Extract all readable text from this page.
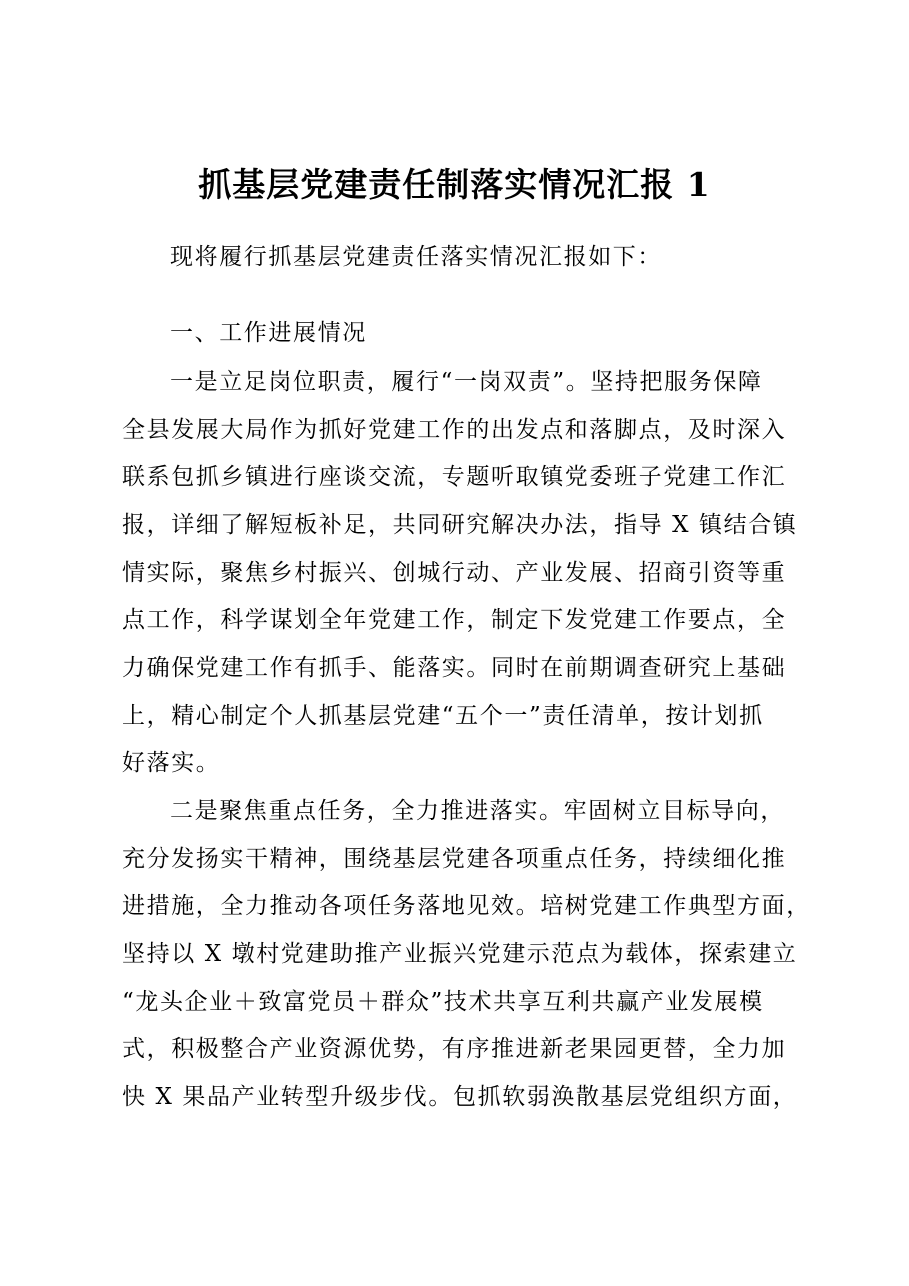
抓基层党建责任制落实情况汇报 1
现将履行抓基层党建责任落实情况汇报如下：
一、工作进展情况
一是立足岗位职责，履行“一岗双责”。坚持把服务保障
全县发展大局作为抓好党建工作的出发点和落脚点，及时深入
联系包抓乡镇进行座谈交流，专题听取镇党委班子党建工作汇
报，详细了解短板补足，共同研究解决办法，指导 X 镇结合镇
情实际，聚焦乡村振兴、创城行动、产业发展、招商引资等重
点工作，科学谋划全年党建工作，制定下发党建工作要点，全
力确保党建工作有抓手、能落实。同时在前期调查研究上基础
上，精心制定个人抓基层党建“五个一”责任清单，按计划抓
好落实。
二是聚焦重点任务，全力推进落实。牢固树立目标导向，
充分发扬实干精神，围绕基层党建各项重点任务，持续细化推
进措施，全力推动各项任务落地见效。培树党建工作典型方面，
坚持以 X 墩村党建助推产业振兴党建示范点为载体，探索建立
“龙头企业＋致富党员＋群众”技术共享互利共赢产业发展模
式，积极整合产业资源优势，有序推进新老果园更替，全力加
快 X 果品产业转型升级步伐。包抓软弱涣散基层党组织方面，
